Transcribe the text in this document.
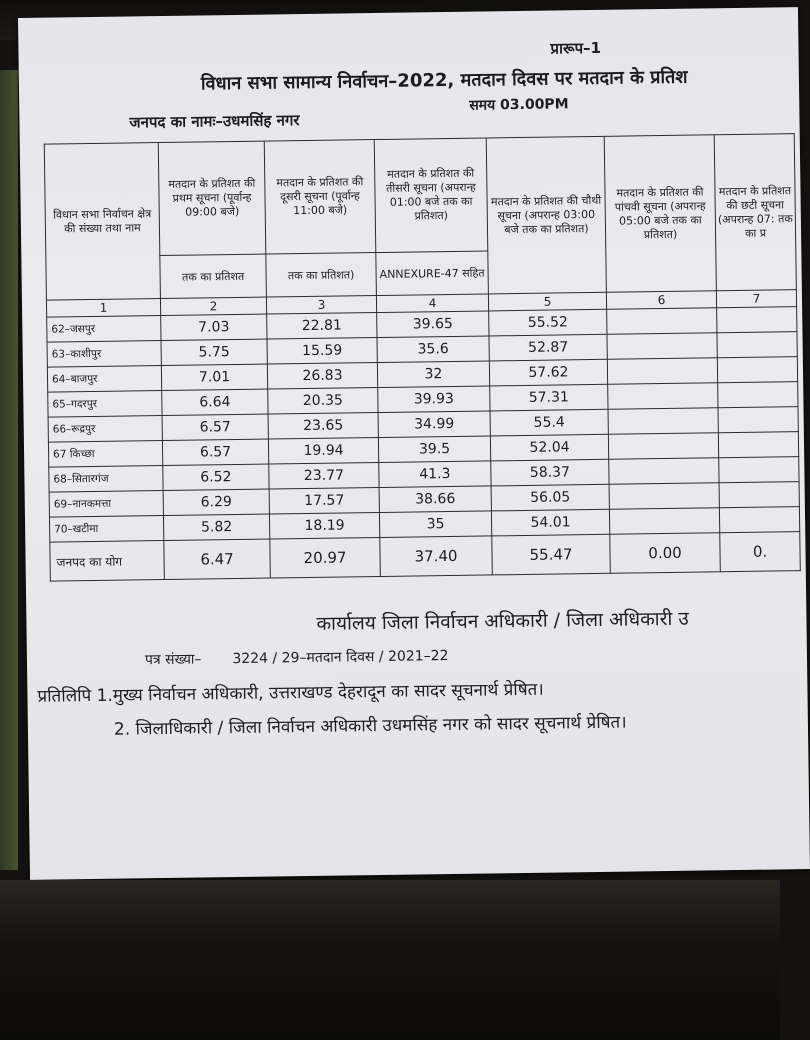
प्रारूप–1
विधान सभा सामान्य निर्वाचन–2022, मतदान दिवस पर मतदान के प्रतिश
समय 03.00PM
जनपद का नामः–उधमसिंह नगर
विधान सभा निर्वाचन क्षेत्र की संख्या तथा नाम	मतदान के प्रतिशत की प्रथम सूचना (पूर्वान्ह 09:00 बजे)	मतदान के प्रतिशत की दूसरी सूचना (पूर्वान्ह 11:00 बजे)	मतदान के प्रतिशत की तीसरी सूचना (अपरान्ह 01:00 बजे तक का प्रतिशत)	मतदान के प्रतिशत की चौथी सूचना (अपरान्ह 03:00 बजे तक का प्रतिशत)	मतदान के प्रतिशत की पांचवी सूचना (अपरान्ह 05:00 बजे तक का प्रतिशत)	मतदान के प्रतिशत की छटी सूचना (अपरान्ह 07: तक का प्र
	तक का प्रतिशत	तक का प्रतिशत)	ANNEXURE-47 सहित			
1	2	3	4	5	6	7
62–जसपुर	7.03	22.81	39.65	55.52		
63–काशीपुर	5.75	15.59	35.6	52.87		
64–बाजपुर	7.01	26.83	32	57.62		
65–गदरपुर	6.64	20.35	39.93	57.31		
66–रूद्रपुर	6.57	23.65	34.99	55.4		
67 किच्छा	6.57	19.94	39.5	52.04		
68–सितारगंज	6.52	23.77	41.3	58.37		
69–नानकमत्ता	6.29	17.57	38.66	56.05		
70–खटीमा	5.82	18.19	35	54.01		
जनपद का योग	6.47	20.97	37.40	55.47	0.00	0.
कार्यालय जिला निर्वाचन अधिकारी / जिला अधिकारी उ
पत्र संख्या– 3224 / 29–मतदान दिवस / 2021–22
प्रतिलिपि 1.मुख्य निर्वाचन अधिकारी, उत्तराखण्ड देहरादून का सादर सूचनार्थ प्रेषित।
2. जिलाधिकारी / जिला निर्वाचन अधिकारी उधमसिंह नगर को सादर सूचनार्थ प्रेषित।
